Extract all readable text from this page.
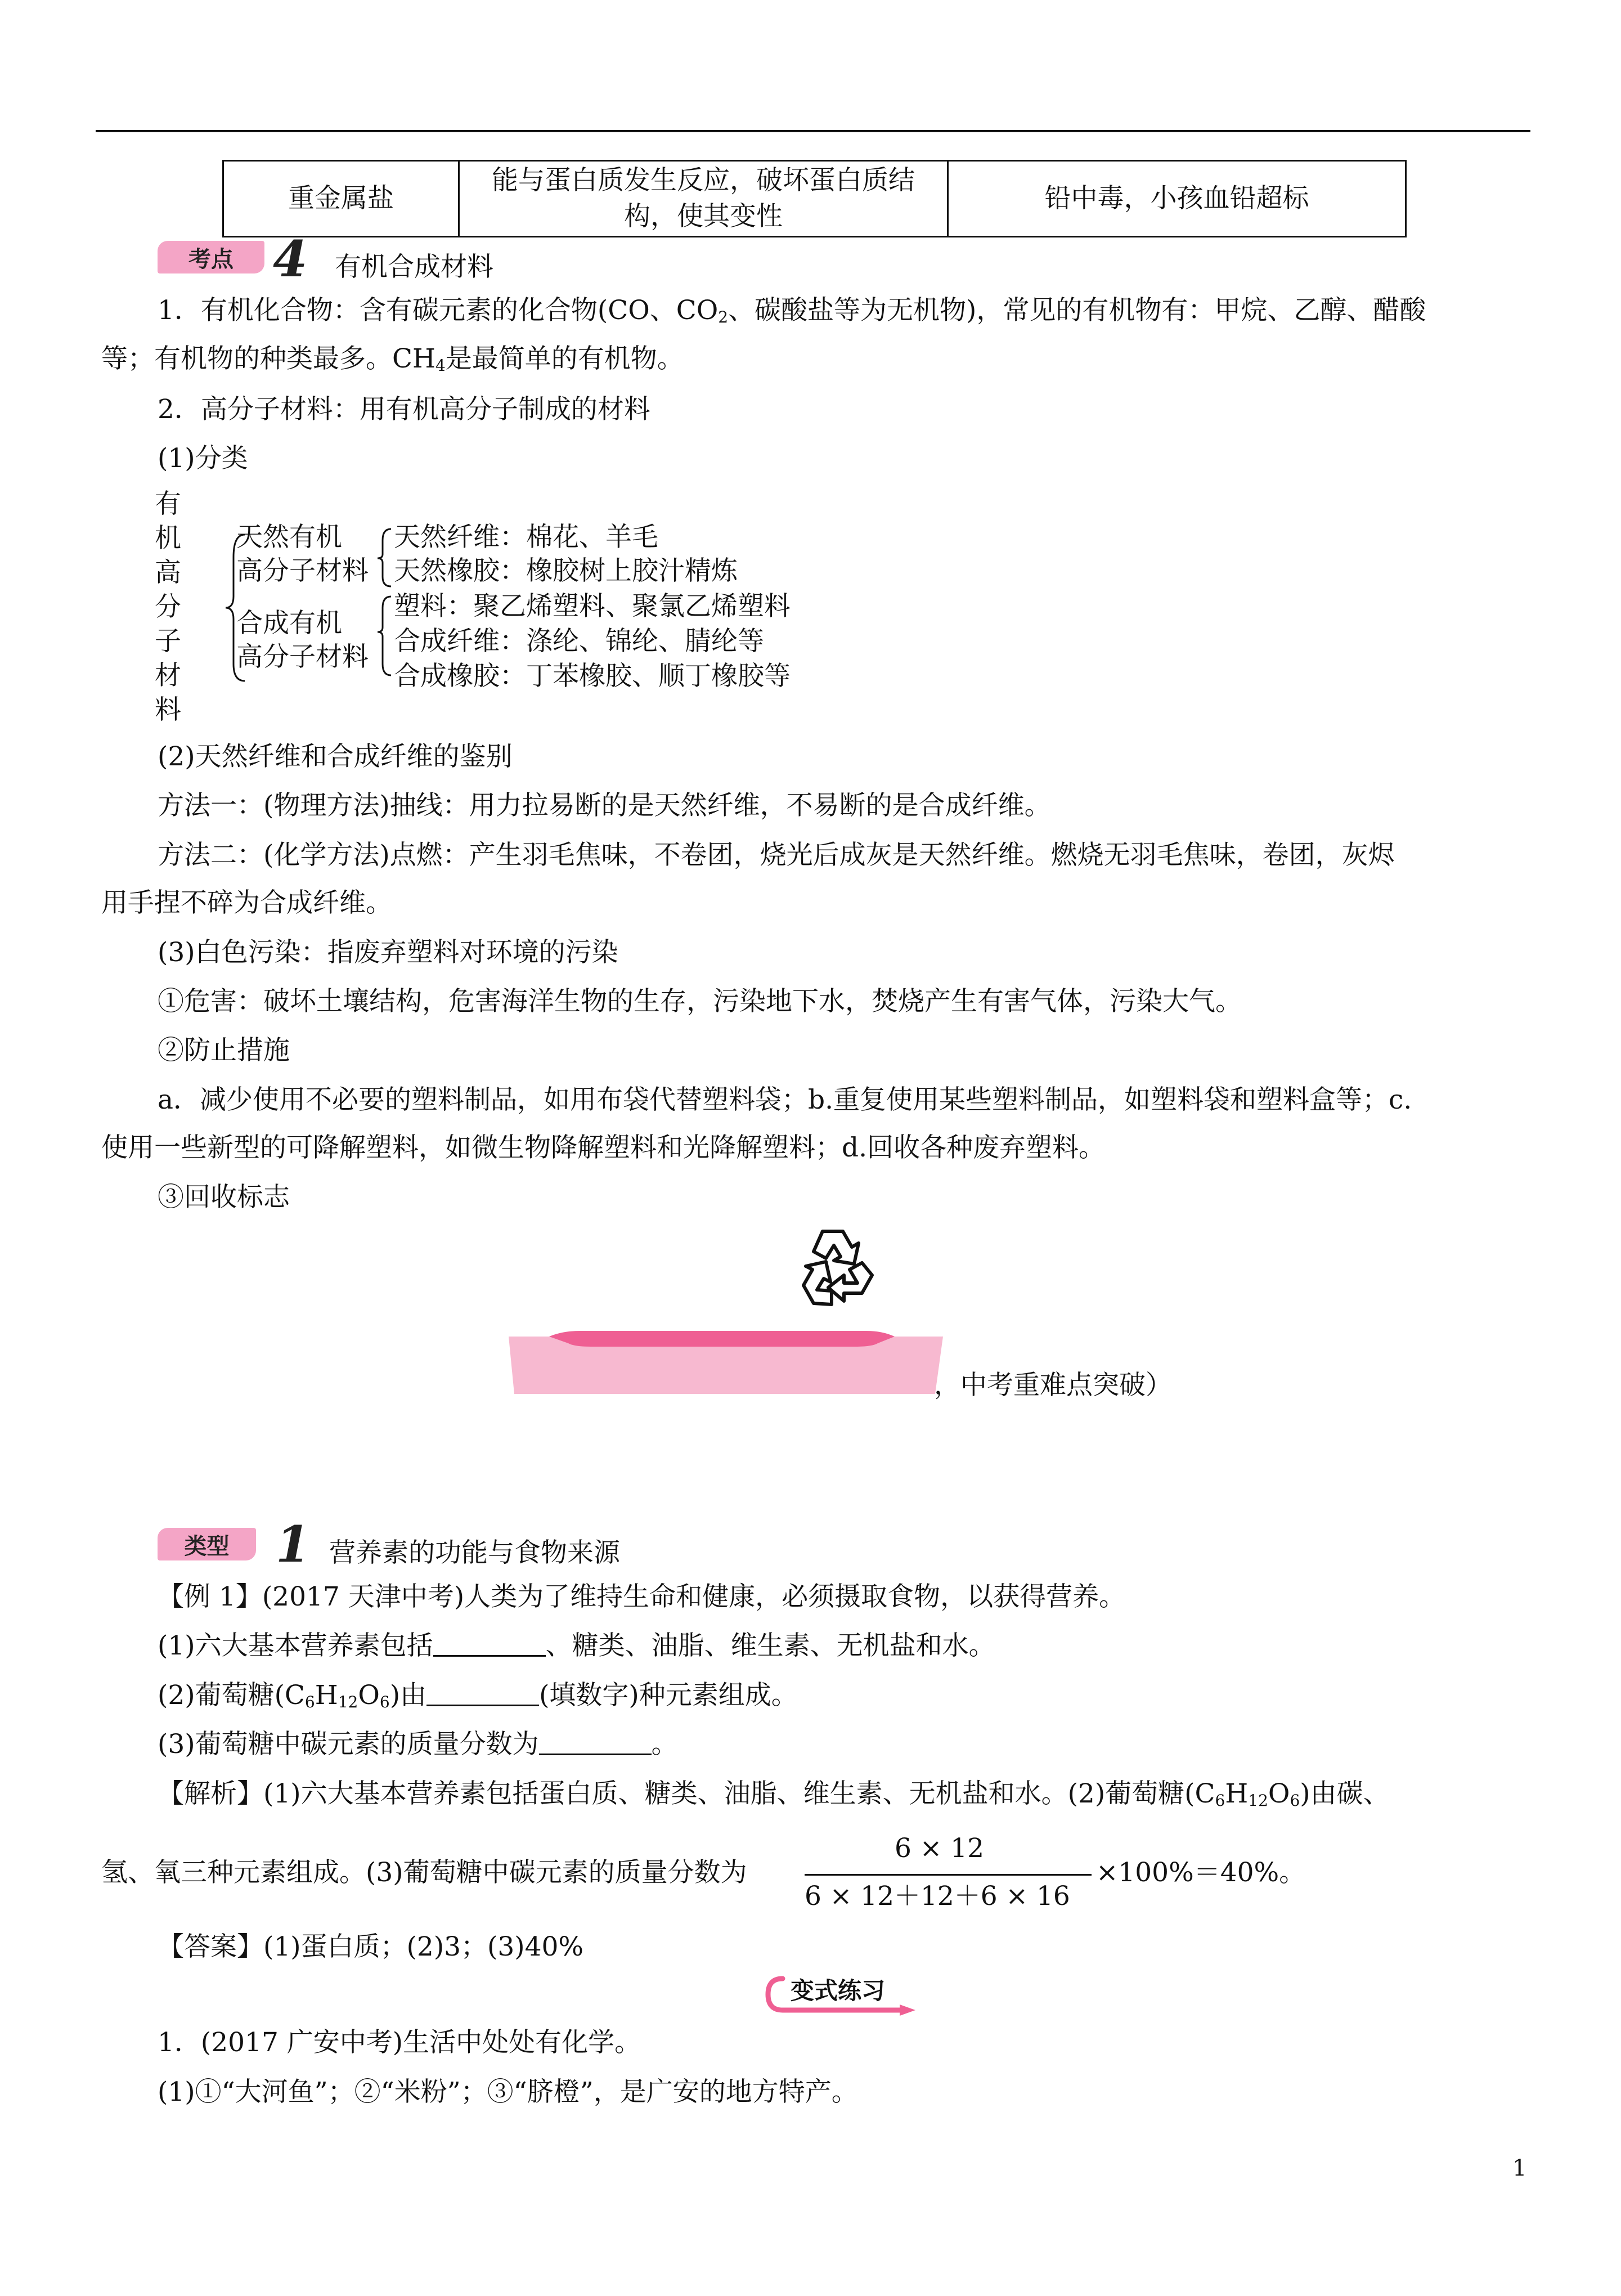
重金属盐	能与蛋白质发生反应，破坏蛋白质结构，使其变性	铅中毒，小孩血铅超标
考点 4 有机合成材料
1．有机化合物：含有碳元素的化合物(CO、$CO_2$、碳酸盐等为无机物)，常见的有机物有：甲烷、乙醇、醋酸
等；有机物的种类最多。$CH_4$是最简单的有机物。
2．高分子材料：用有机高分子制成的材料
(1)分类
有
机
高
分
子
材
料
天然有机
高分子材料
天然纤维：棉花、羊毛
天然橡胶：橡胶树上胶汁精炼
合成有机
高分子材料
塑料：聚乙烯塑料、聚氯乙烯塑料
合成纤维：涤纶、锦纶、腈纶等
合成橡胶：丁苯橡胶、顺丁橡胶等
(2)天然纤维和合成纤维的鉴别
方法一：(物理方法)抽线：用力拉易断的是天然纤维，不易断的是合成纤维。
方法二：(化学方法)点燃：产生羽毛焦味，不卷团，烧光后成灰是天然纤维。燃烧无羽毛焦味，卷团，灰烬
用手捏不碎为合成纤维。
(3)白色污染：指废弃塑料对环境的污染
①危害：破坏土壤结构，危害海洋生物的生存，污染地下水，焚烧产生有害气体，污染大气。
②防止措施
a．减少使用不必要的塑料制品，如用布袋代替塑料袋；b.重复使用某些塑料制品，如塑料袋和塑料盒等；c.
使用一些新型的可降解塑料，如微生物降解塑料和光降解塑料；d.回收各种废弃塑料。
③回收标志
，中考重难点突破）
类型 1 营养素的功能与食物来源
【例 1】(2017 天津中考)人类为了维持生命和健康，必须摄取食物，以获得营养。
(1)六大基本营养素包括	、糖类、油脂、维生素、无机盐和水。
(2)葡萄糖$(C_6H_{12}O_6)$由	(填数字)种元素组成。
(3)葡萄糖中碳元素的质量分数为	。
【解析】(1)六大基本营养素包括蛋白质、糖类、油脂、维生素、无机盐和水。(2)葡萄糖$(C_6H_{12}O_6)$由碳、
氢、氧三种元素组成。(3)葡萄糖中碳元素的质量分数为
6 × 12
6 × 12＋12＋6 × 16
×100%＝40%。
【答案】(1)蛋白质；(2)3；(3)40%
变式练习
1．(2017 广安中考)生活中处处有化学。
(1)①“大河鱼”；②“米粉”；③“脐橙”，是广安的地方特产。
1
